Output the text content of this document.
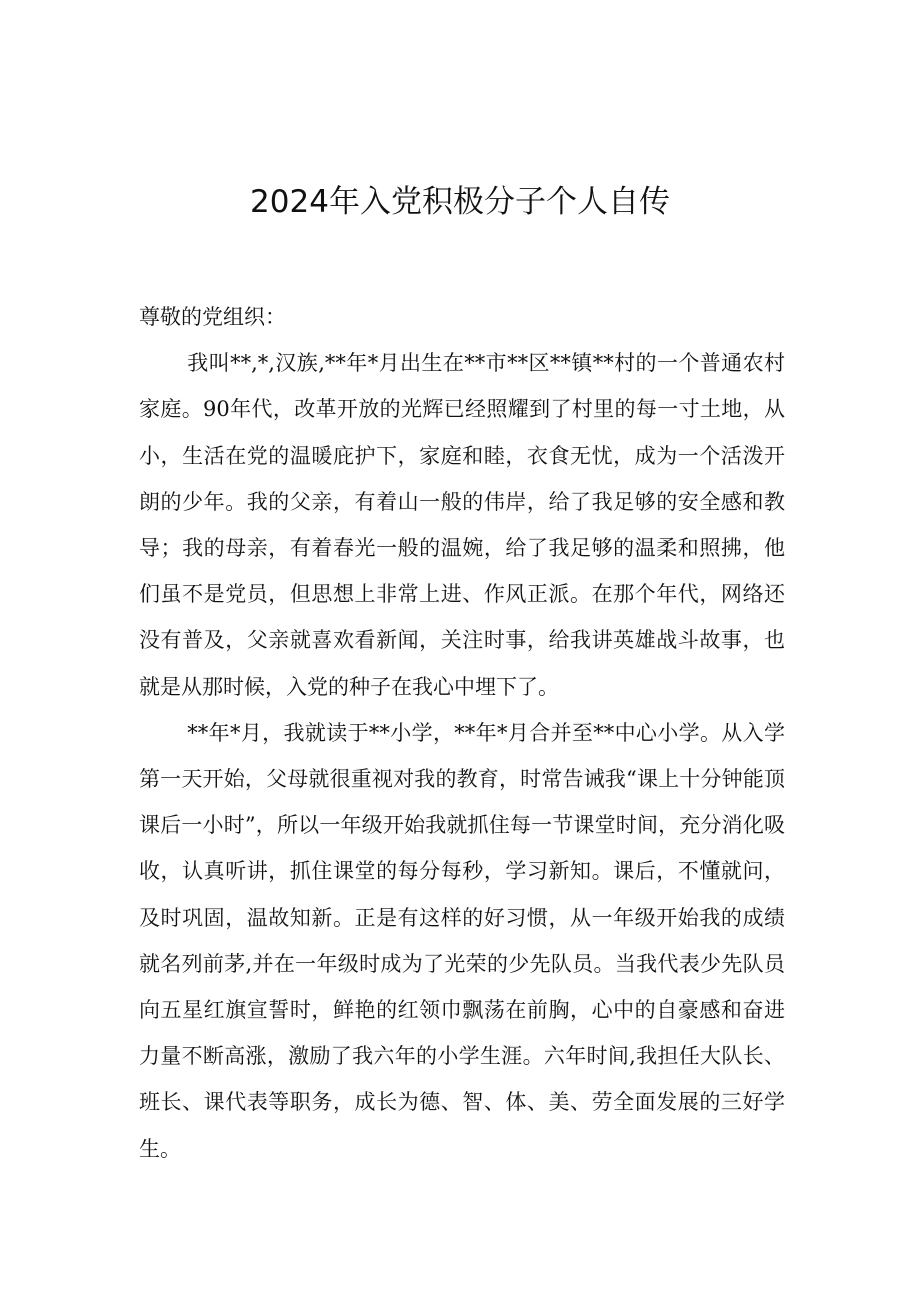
2024年入党积极分子个人自传

尊敬的党组织：

我叫**,*,汉族,**年*月出生在**市**区**镇**村的一个普通农村家庭。90年代，改革开放的光辉已经照耀到了村里的每一寸土地，从小，生活在党的温暖庇护下，家庭和睦，衣食无忧，成为一个活泼开朗的少年。我的父亲，有着山一般的伟岸，给了我足够的安全感和教导；我的母亲，有着春光一般的温婉，给了我足够的温柔和照拂，他们虽不是党员，但思想上非常上进、作风正派。在那个年代，网络还没有普及，父亲就喜欢看新闻，关注时事，给我讲英雄战斗故事，也就是从那时候，入党的种子在我心中埋下了。

**年*月，我就读于**小学，**年*月合并至**中心小学。从入学第一天开始，父母就很重视对我的教育，时常告诫我“课上十分钟能顶课后一小时”，所以一年级开始我就抓住每一节课堂时间，充分消化吸收，认真听讲，抓住课堂的每分每秒，学习新知。课后，不懂就问，及时巩固，温故知新。正是有这样的好习惯，从一年级开始我的成绩就名列前茅,并在一年级时成为了光荣的少先队员。当我代表少先队员向五星红旗宣誓时，鲜艳的红领巾飘荡在前胸，心中的自豪感和奋进力量不断高涨，激励了我六年的小学生涯。六年时间,我担任大队长、班长、课代表等职务，成长为德、智、体、美、劳全面发展的三好学生。
